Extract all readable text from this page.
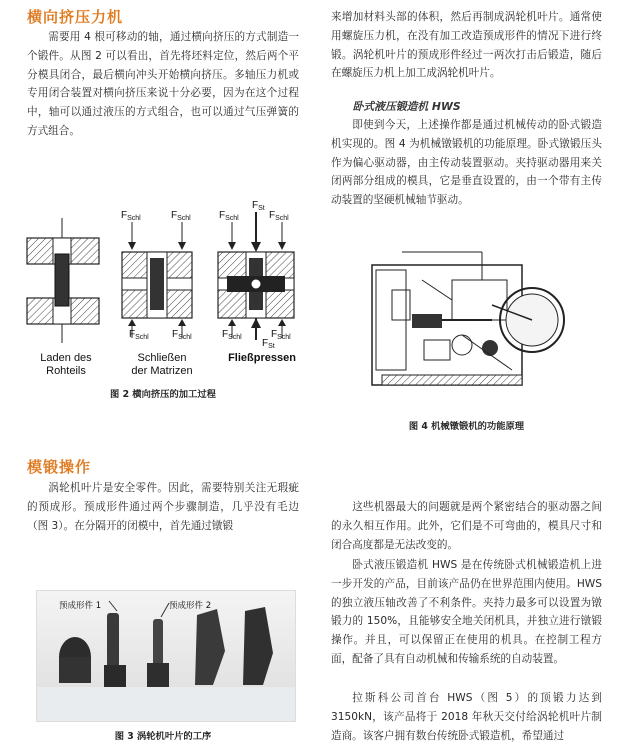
横向挤压力机

需要用 4 根可移动的轴，通过横向挤压的方式制造一个锻件。从图 2 可以看出，首先将坯料定位，然后两个平分模具闭合，最后横向冲头开始横向挤压。多轴压力机或专用闭合装置对横向挤压来说十分必要，因为在这个过程中，轴可以通过液压的方式组合，也可以通过气压弹簧的方式组合。

$F_{Schl}$	$F_{Schl}$
$F_{Schl}$ $F_{Schl}$
$F_{St}$
$F_{Schl}$	$F_{Schl}$
$F_{Schl}$	$F_{Schl}$
$F_{St}$
Laden des
Rohteils
Schließen
der Matrizen
Fließpressen
图 2 横向挤压的加工过程
模锻操作

涡轮机叶片是安全零件。因此，需要特别关注无瑕疵的预成形。预成形件通过两个步骤制造，几乎没有毛边（图 3）。在分隔开的闭模中，首先通过镦锻

预成形件 1	预成形件 2
图 3 涡轮机叶片的工序

来增加材料头部的体积，然后再制成涡轮机叶片。通常使用螺旋压力机，在没有加工改造预成形件的情况下进行终锻。涡轮机叶片的预成形件经过一两次打击后锻造，随后在螺旋压力机上加工成涡轮机叶片。

卧式液压锻造机 HWS

即使到今天，上述操作都是通过机械传动的卧式锻造机实现的。图 4 为机械镦锻机的功能原理。卧式镦锻压头作为偏心驱动器，由主传动装置驱动。夹持驱动器用来关闭两部分组成的模具，它是垂直设置的，由一个带有主传动装置的坚硬机械轴节驱动。

图 4 机械镦锻机的功能原理

这些机器最大的问题就是两个紧密结合的驱动器之间的永久相互作用。此外，它们是不可弯曲的，模具尺寸和闭合高度都是无法改变的。

卧式液压锻造机 HWS 是在传统卧式机械锻造机上进一步开发的产品，目前该产品仍在世界范围内使用。HWS 的独立液压轴改善了不利条件。夹持力最多可以设置为镦锻力的 150%，且能够安全地关闭机具，并独立进行镦锻操作。并且，可以保留正在使用的机具。在控制工程方面，配备了具有自动机械和传输系统的自动装置。

拉斯科公司首台 HWS（图 5）的顶锻力达到 3150kN，该产品将于 2018 年秋天交付给涡轮机叶片制造商。该客户拥有数台传统卧式锻造机，希望通过
